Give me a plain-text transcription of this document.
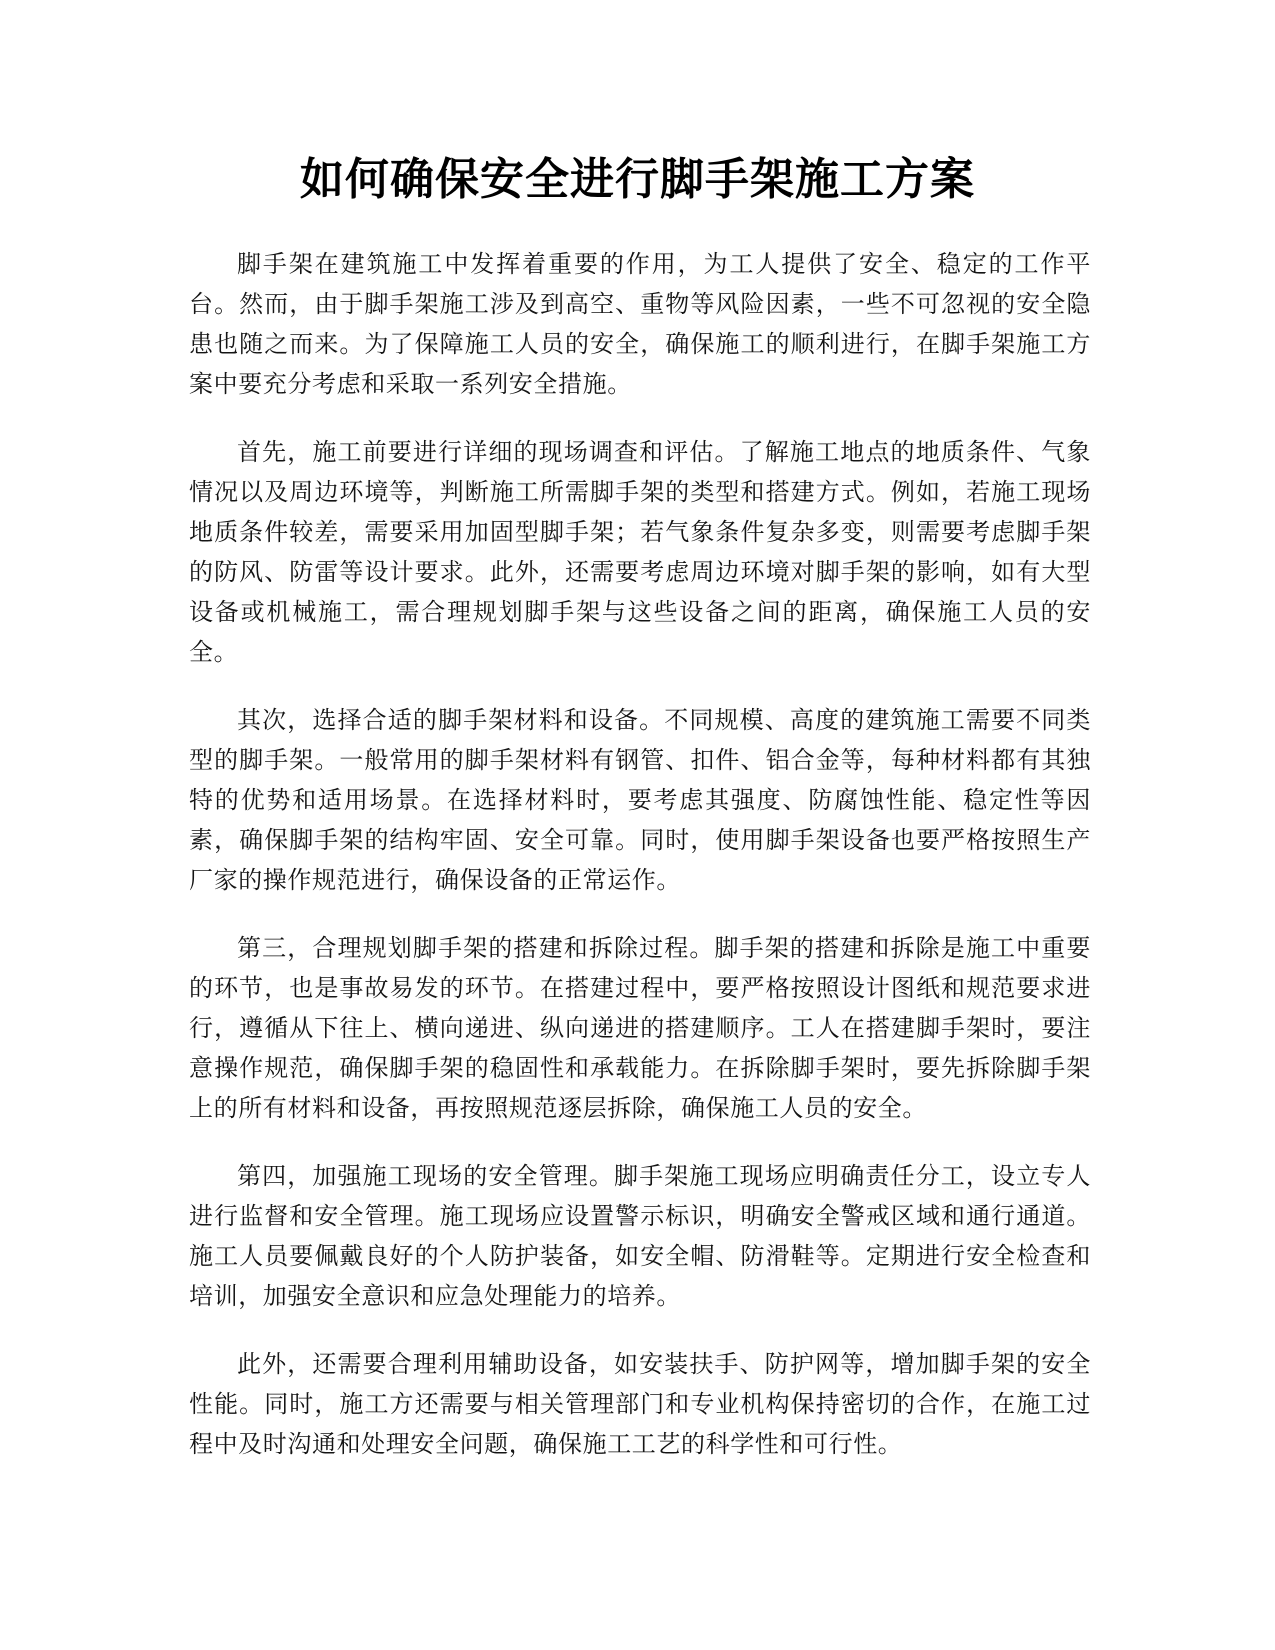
如何确保安全进行脚手架施工方案

脚手架在建筑施工中发挥着重要的作用，为工人提供了安全、稳定的工作平台。然而，由于脚手架施工涉及到高空、重物等风险因素，一些不可忽视的安全隐患也随之而来。为了保障施工人员的安全，确保施工的顺利进行，在脚手架施工方案中要充分考虑和采取一系列安全措施。

首先，施工前要进行详细的现场调查和评估。了解施工地点的地质条件、气象情况以及周边环境等，判断施工所需脚手架的类型和搭建方式。例如，若施工现场地质条件较差，需要采用加固型脚手架；若气象条件复杂多变，则需要考虑脚手架的防风、防雷等设计要求。此外，还需要考虑周边环境对脚手架的影响，如有大型设备或机械施工，需合理规划脚手架与这些设备之间的距离，确保施工人员的安全。

其次，选择合适的脚手架材料和设备。不同规模、高度的建筑施工需要不同类型的脚手架。一般常用的脚手架材料有钢管、扣件、铝合金等，每种材料都有其独特的优势和适用场景。在选择材料时，要考虑其强度、防腐蚀性能、稳定性等因素，确保脚手架的结构牢固、安全可靠。同时，使用脚手架设备也要严格按照生产厂家的操作规范进行，确保设备的正常运作。

第三，合理规划脚手架的搭建和拆除过程。脚手架的搭建和拆除是施工中重要的环节，也是事故易发的环节。在搭建过程中，要严格按照设计图纸和规范要求进行，遵循从下往上、横向递进、纵向递进的搭建顺序。工人在搭建脚手架时，要注意操作规范，确保脚手架的稳固性和承载能力。在拆除脚手架时，要先拆除脚手架上的所有材料和设备，再按照规范逐层拆除，确保施工人员的安全。

第四，加强施工现场的安全管理。脚手架施工现场应明确责任分工，设立专人进行监督和安全管理。施工现场应设置警示标识，明确安全警戒区域和通行通道。施工人员要佩戴良好的个人防护装备，如安全帽、防滑鞋等。定期进行安全检查和培训，加强安全意识和应急处理能力的培养。

此外，还需要合理利用辅助设备，如安装扶手、防护网等，增加脚手架的安全性能。同时，施工方还需要与相关管理部门和专业机构保持密切的合作，在施工过程中及时沟通和处理安全问题，确保施工工艺的科学性和可行性。
